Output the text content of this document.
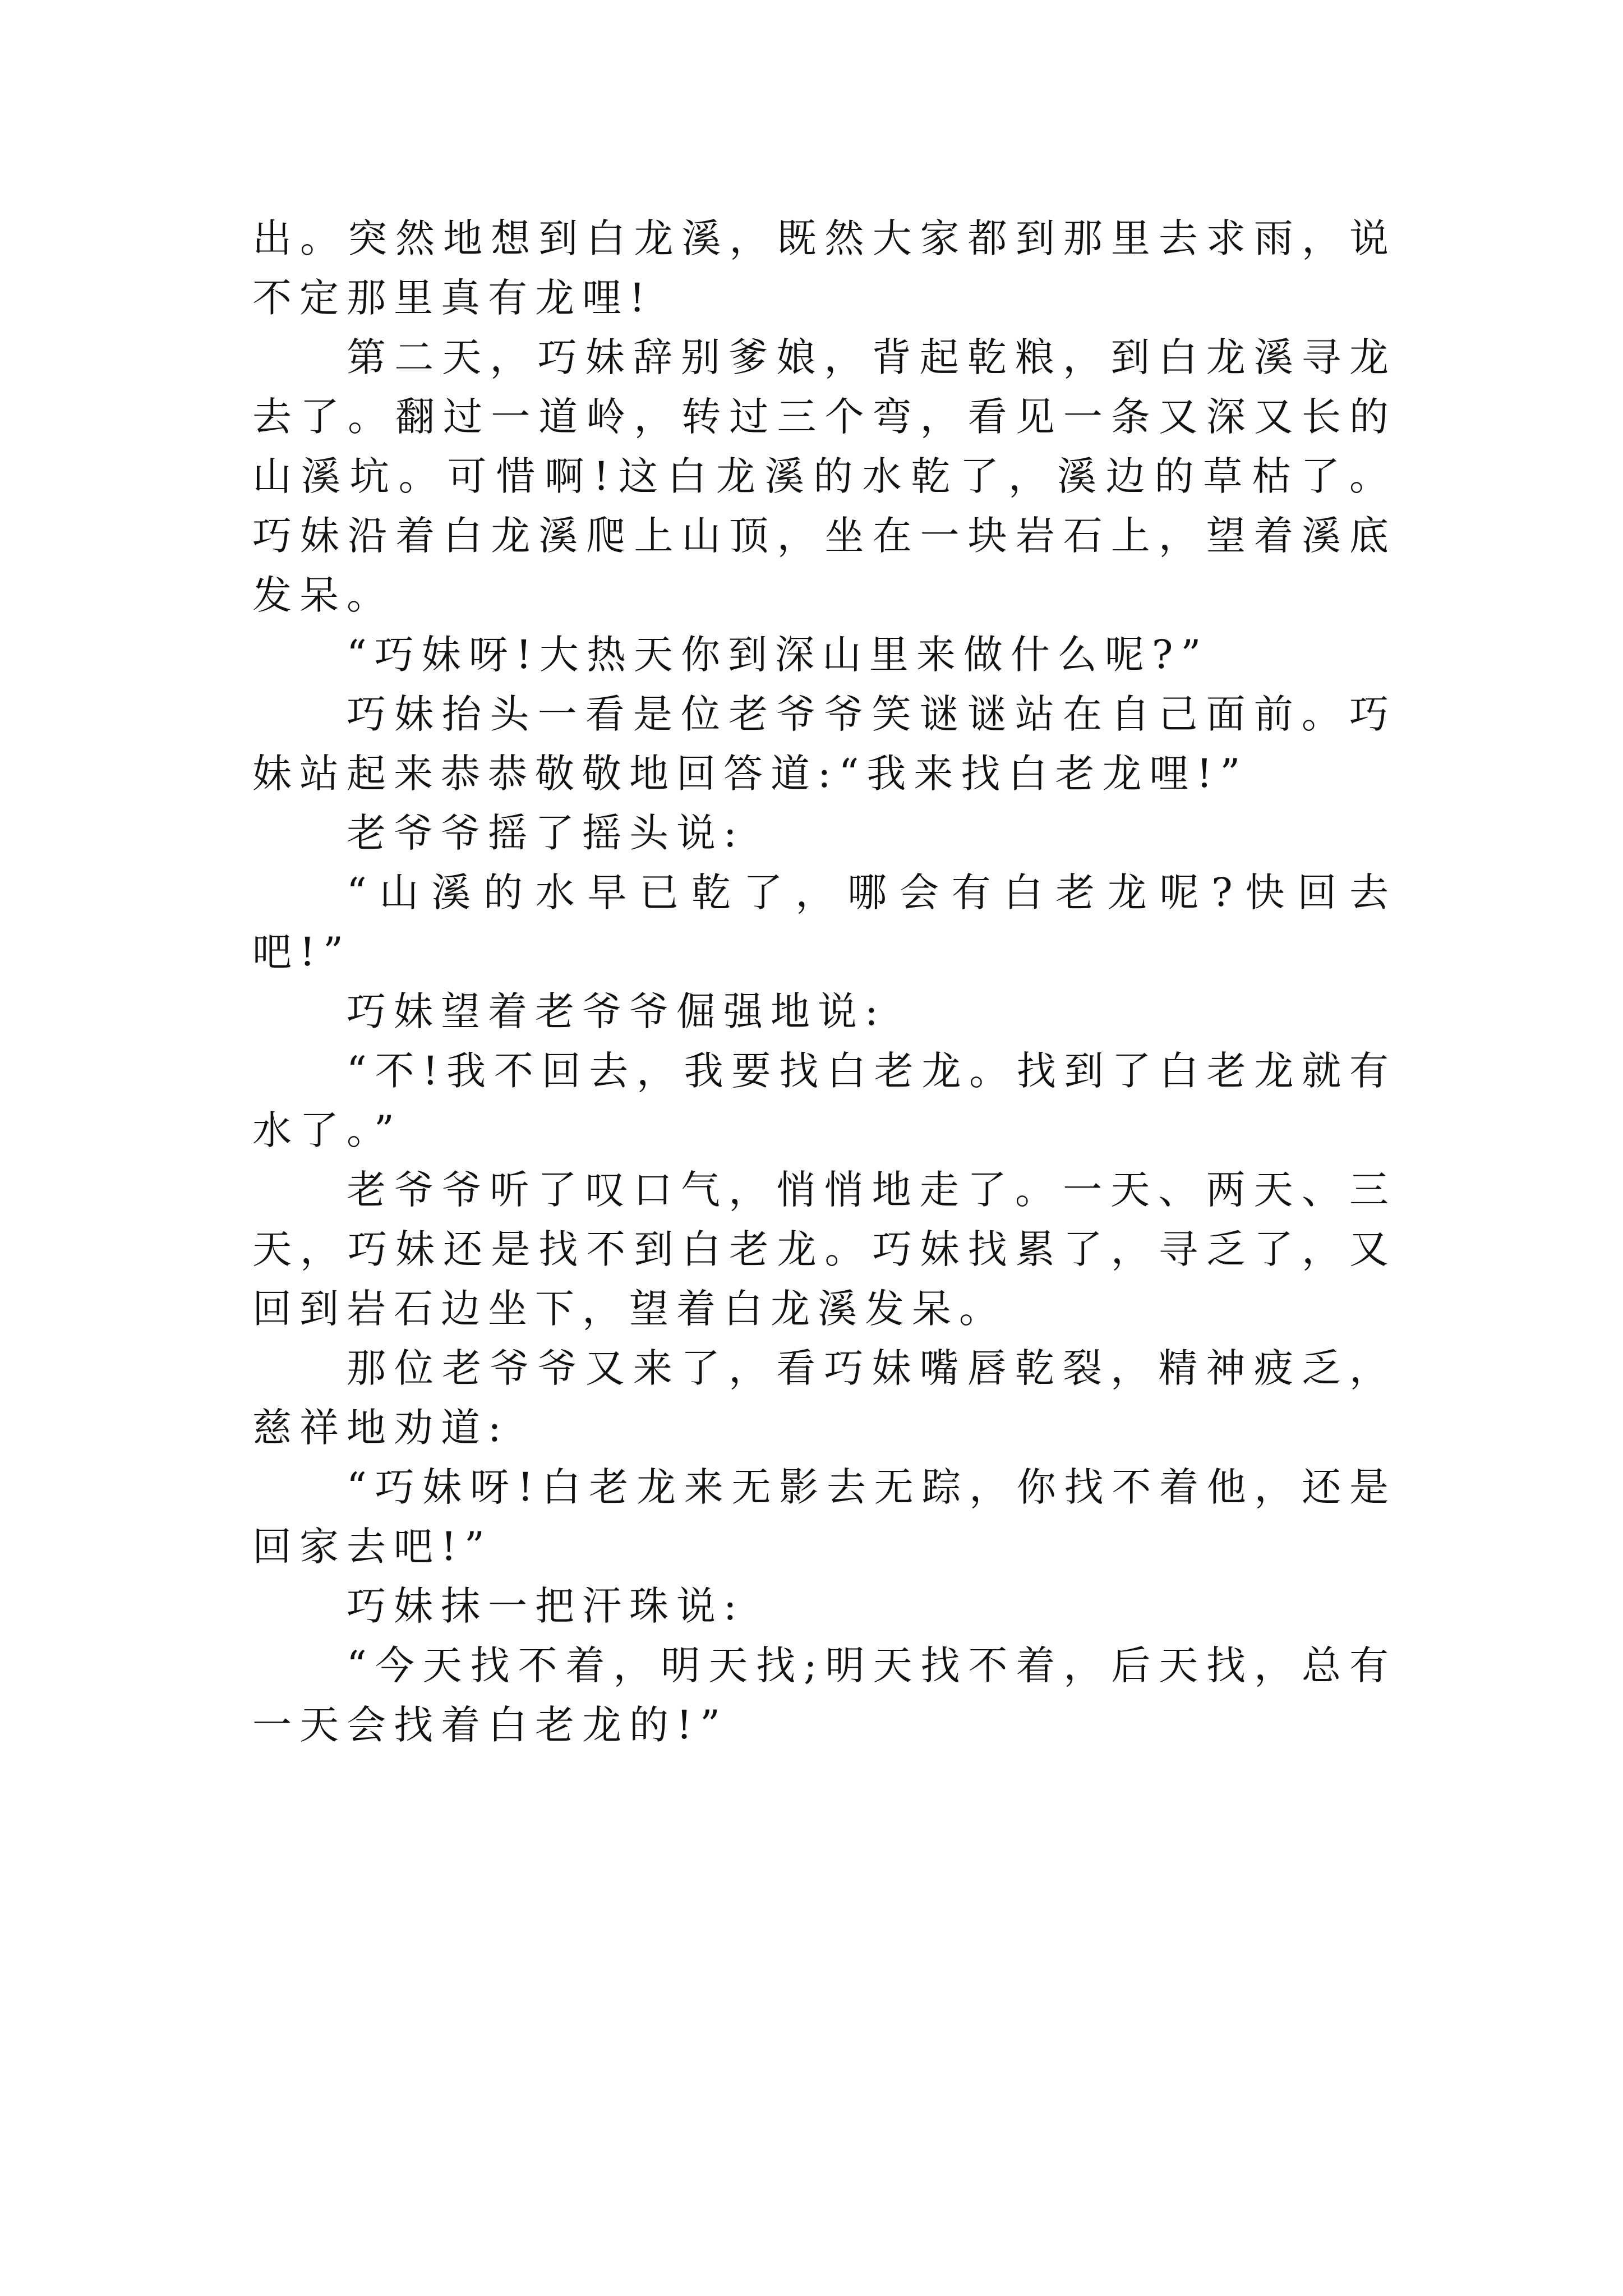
出。突然地想到白龙溪，既然大家都到那里去求雨，说不定那里真有龙哩!

第二天，巧妹辞别爹娘，背起乾粮，到白龙溪寻龙去了。翻过一道岭，转过三个弯，看见一条又深又长的山溪坑。可惜啊!这白龙溪的水乾了，溪边的草枯了。巧妹沿着白龙溪爬上山顶，坐在一块岩石上，望着溪底发呆。

“巧妹呀!大热天你到深山里来做什么呢?”

巧妹抬头一看是位老爷爷笑谜谜站在自己面前。巧妹站起来恭恭敬敬地回答道:“我来找白老龙哩!”

老爷爷摇了摇头说:

“山溪的水早已乾了，哪会有白老龙呢?快回去吧!”

巧妹望着老爷爷倔强地说:

“不!我不回去，我要找白老龙。找到了白老龙就有水了。”

老爷爷听了叹口气，悄悄地走了。一天、两天、三天，巧妹还是找不到白老龙。巧妹找累了，寻乏了，又回到岩石边坐下，望着白龙溪发呆。

那位老爷爷又来了，看巧妹嘴唇乾裂，精神疲乏，慈祥地劝道:

“巧妹呀!白老龙来无影去无踪，你找不着他，还是回家去吧!”

巧妹抹一把汗珠说:

“今天找不着，明天找;明天找不着，后天找，总有一天会找着白老龙的!”
